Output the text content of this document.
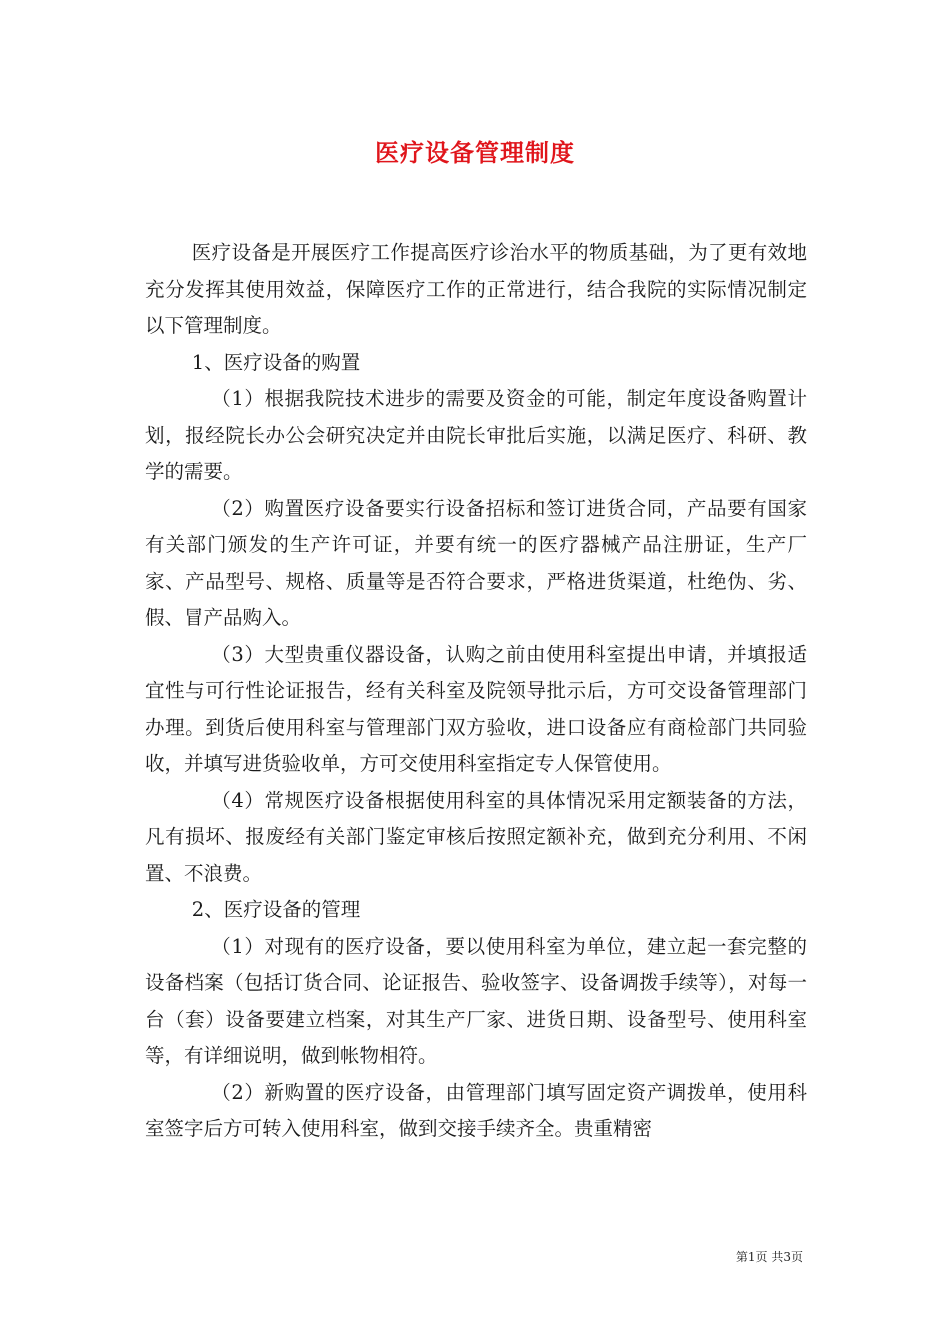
医疗设备管理制度

医疗设备是开展医疗工作提高医疗诊治水平的物质基础，为了更有效地充分发挥其使用效益，保障医疗工作的正常进行，结合我院的实际情况制定以下管理制度。

1、医疗设备的购置

（1）根据我院技术进步的需要及资金的可能，制定年度设备购置计划，报经院长办公会研究决定并由院长审批后实施，以满足医疗、科研、教学的需要。

（2）购置医疗设备要实行设备招标和签订进货合同，产品要有国家有关部门颁发的生产许可证，并要有统一的医疗器械产品注册证，生产厂家、产品型号、规格、质量等是否符合要求，严格进货渠道，杜绝伪、劣、假、冒产品购入。

（3）大型贵重仪器设备，认购之前由使用科室提出申请，并填报适宜性与可行性论证报告，经有关科室及院领导批示后，方可交设备管理部门办理。到货后使用科室与管理部门双方验收，进口设备应有商检部门共同验收，并填写进货验收单，方可交使用科室指定专人保管使用。

（4）常规医疗设备根据使用科室的具体情况采用定额装备的方法，凡有损坏、报废经有关部门鉴定审核后按照定额补充，做到充分利用、不闲置、不浪费。

2、医疗设备的管理

（1）对现有的医疗设备，要以使用科室为单位，建立起一套完整的设备档案（包括订货合同、论证报告、验收签字、设备调拨手续等），对每一台（套）设备要建立档案，对其生产厂家、进货日期、设备型号、使用科室等，有详细说明，做到帐物相符。

（2）新购置的医疗设备，由管理部门填写固定资产调拨单，使用科室签字后方可转入使用科室，做到交接手续齐全。贵重精密

第1页 共3页
